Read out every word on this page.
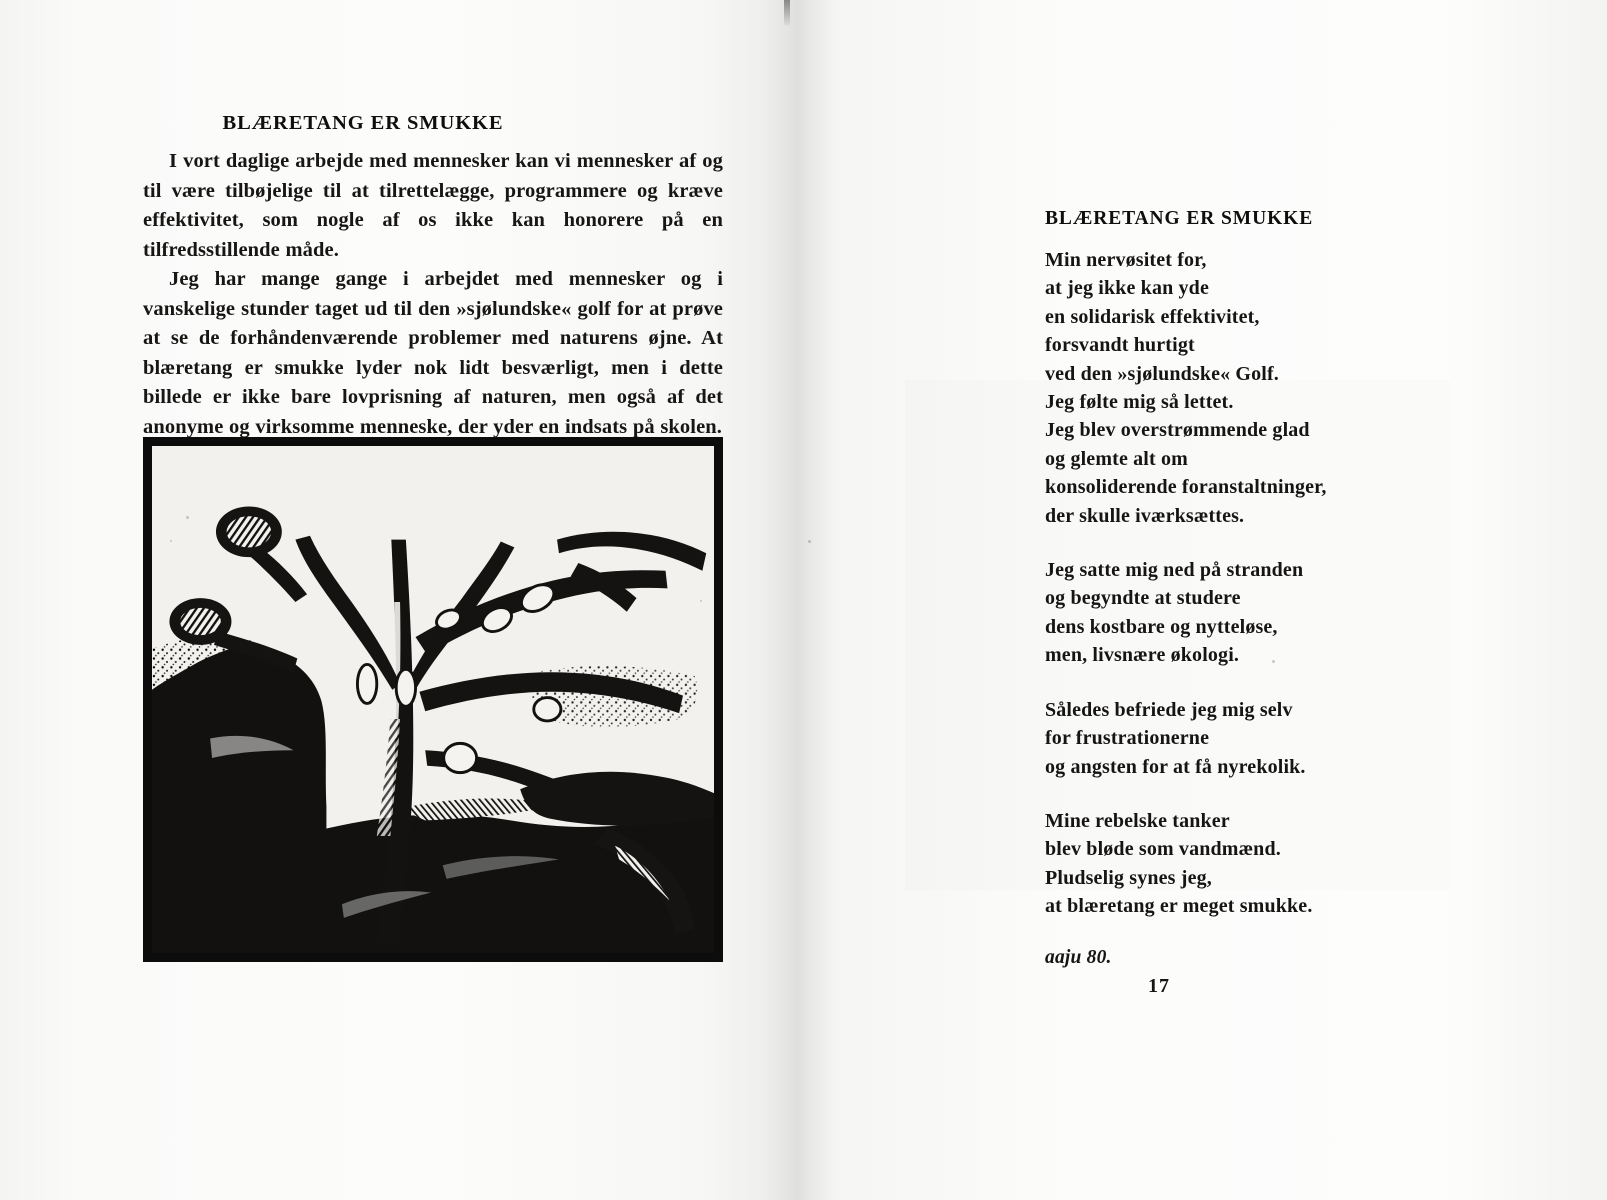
BLÆRETANG ER SMUKKE

I vort daglige arbejde med mennesker kan vi mennesker af og til være tilbøjelige til at tilrettelægge, programmere og kræve effektivitet, som nogle af os ikke kan honorere på en tilfredsstillende måde.

Jeg har mange gange i arbejdet med mennesker og i vanskelige stunder taget ud til den »sjølundske« golf for at prøve at se de forhåndenværende problemer med naturens øjne. At blæretang er smukke lyder nok lidt besværligt, men i dette billede er ikke bare lovprisning af naturen, men også af det anonyme og virksomme menneske, der yder en indsats på skolen.

BLÆRETANG ER SMUKKE
Min nervøsitet for,
at jeg ikke kan yde
en solidarisk effektivitet,
forsvandt hurtigt
ved den »sjølundske« Golf.
Jeg følte mig så lettet.
Jeg blev overstrømmende glad
og glemte alt om
konsoliderende foranstaltninger,
der skulle iværksættes.
Jeg satte mig ned på stranden
og begyndte at studere
dens kostbare og nytteløse,
men, livsnære økologi.
Således befriede jeg mig selv
for frustrationerne
og angsten for at få nyrekolik.
Mine rebelske tanker
blev bløde som vandmænd.
Pludselig synes jeg,
at blæretang er meget smukke.
aaju 80.
17
